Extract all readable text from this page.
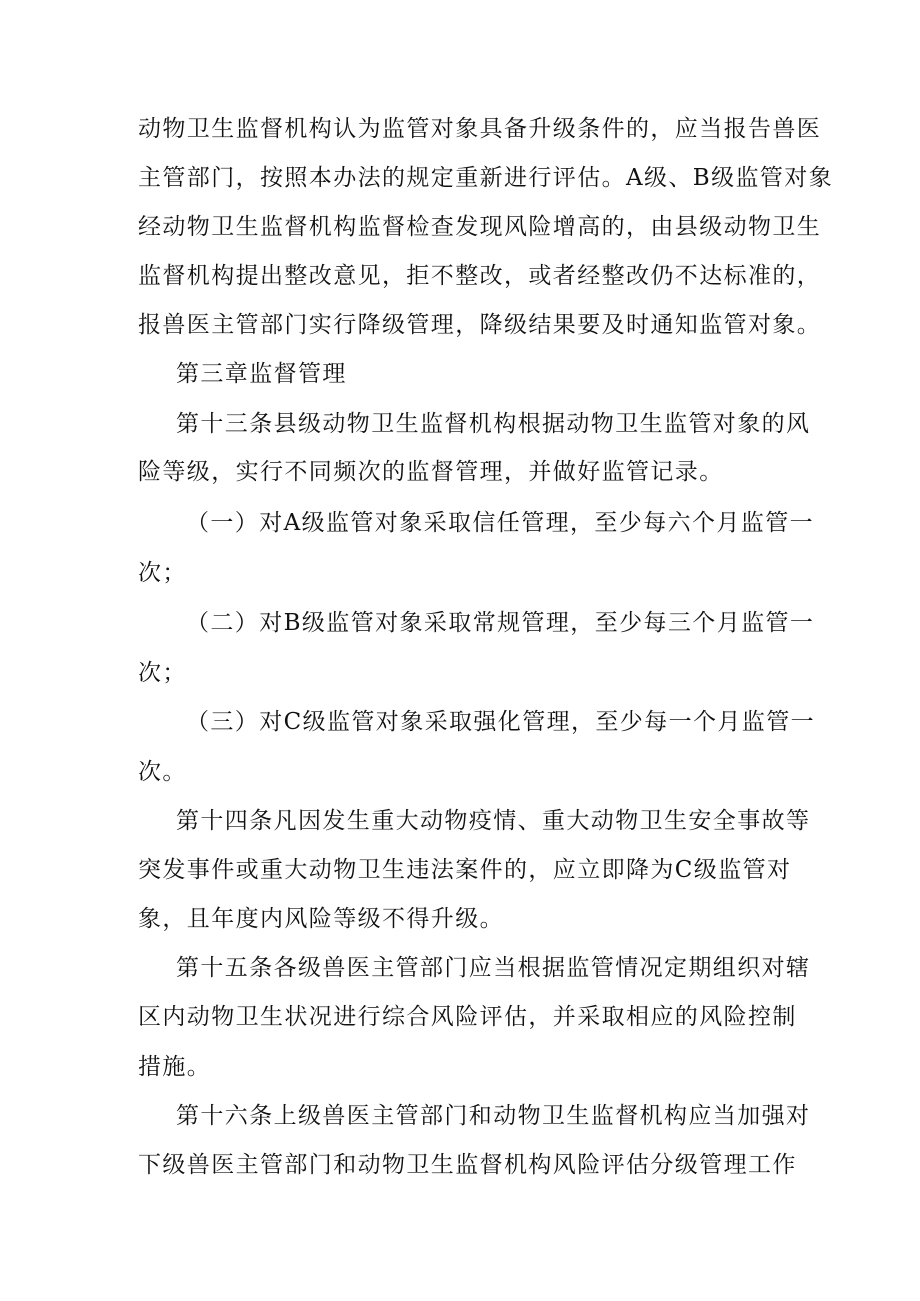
动物卫生监督机构认为监管对象具备升级条件的，应当报告兽医
主管部门，按照本办法的规定重新进行评估。A级、B级监管对象
经动物卫生监督机构监督检查发现风险增高的，由县级动物卫生
监督机构提出整改意见，拒不整改，或者经整改仍不达标准的，
报兽医主管部门实行降级管理，降级结果要及时通知监管对象。
第三章监督管理
第十三条县级动物卫生监督机构根据动物卫生监管对象的风
险等级，实行不同频次的监督管理，并做好监管记录。
（一）对A级监管对象采取信任管理，至少每六个月监管一
次；
（二）对B级监管对象采取常规管理，至少每三个月监管一
次；
（三）对C级监管对象采取强化管理，至少每一个月监管一
次。
第十四条凡因发生重大动物疫情、重大动物卫生安全事故等
突发事件或重大动物卫生违法案件的，应立即降为C级监管对
象，且年度内风险等级不得升级。
第十五条各级兽医主管部门应当根据监管情况定期组织对辖
区内动物卫生状况进行综合风险评估，并采取相应的风险控制
措施。
第十六条上级兽医主管部门和动物卫生监督机构应当加强对
下级兽医主管部门和动物卫生监督机构风险评估分级管理工作
